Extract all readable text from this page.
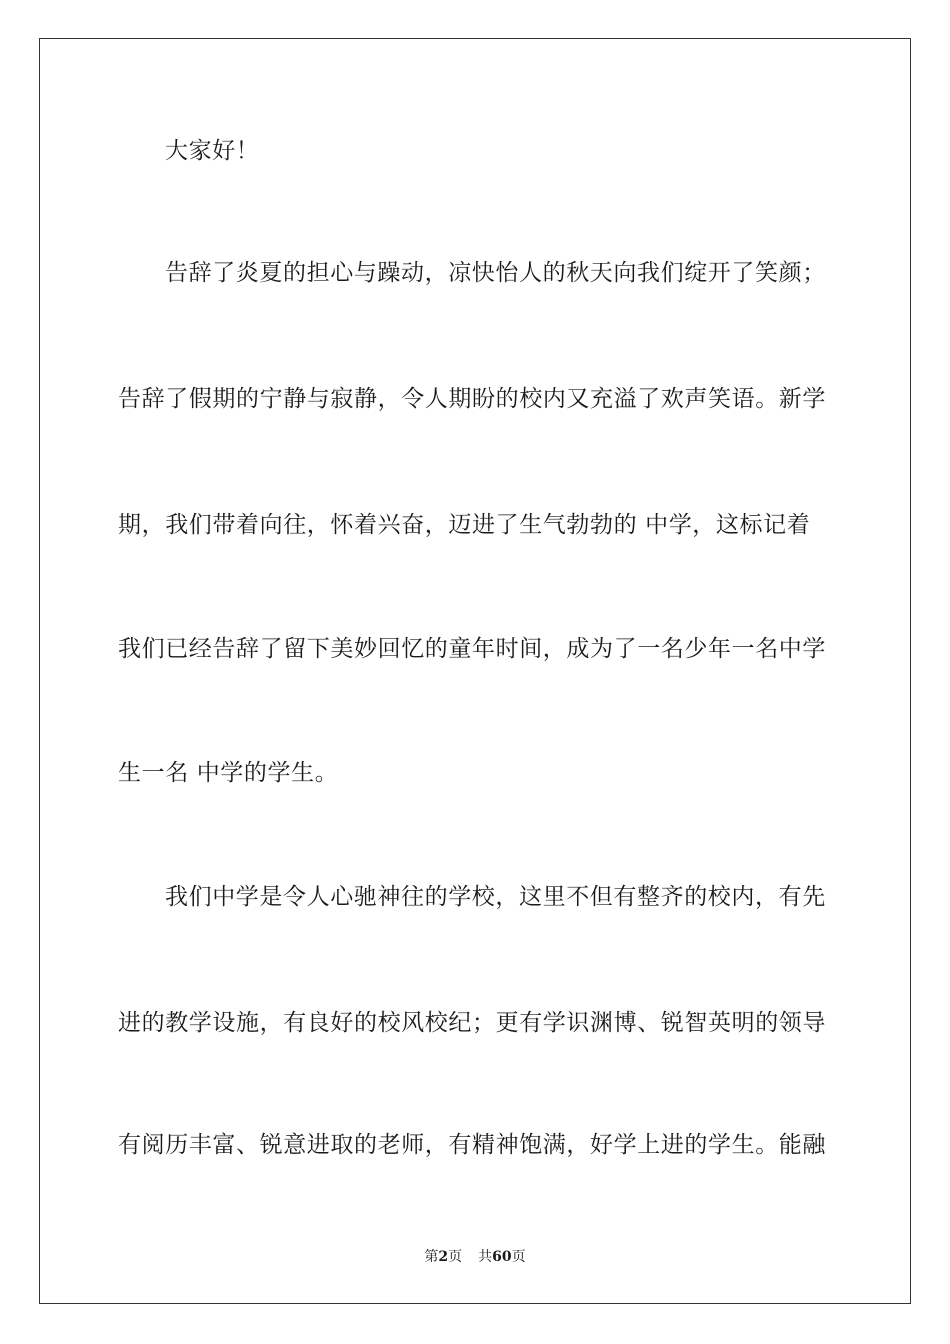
大家好！
告辞了炎夏的担心与躁动，凉快怡人的秋天向我们绽开了笑颜；
告辞了假期的宁静与寂静，令人期盼的校内又充溢了欢声笑语。新学
期，我们带着向往，怀着兴奋，迈进了生气勃勃的 中学，这标记着
我们已经告辞了留下美妙回忆的童年时间，成为了一名少年一名中学
生一名 中学的学生。
我们中学是令人心驰神往的学校，这里不但有整齐的校内，有先
进的教学设施，有良好的校风校纪；更有学识渊博、锐智英明的领导
有阅历丰富、锐意进取的老师，有精神饱满，好学上进的学生。能融
第2页 共60页
